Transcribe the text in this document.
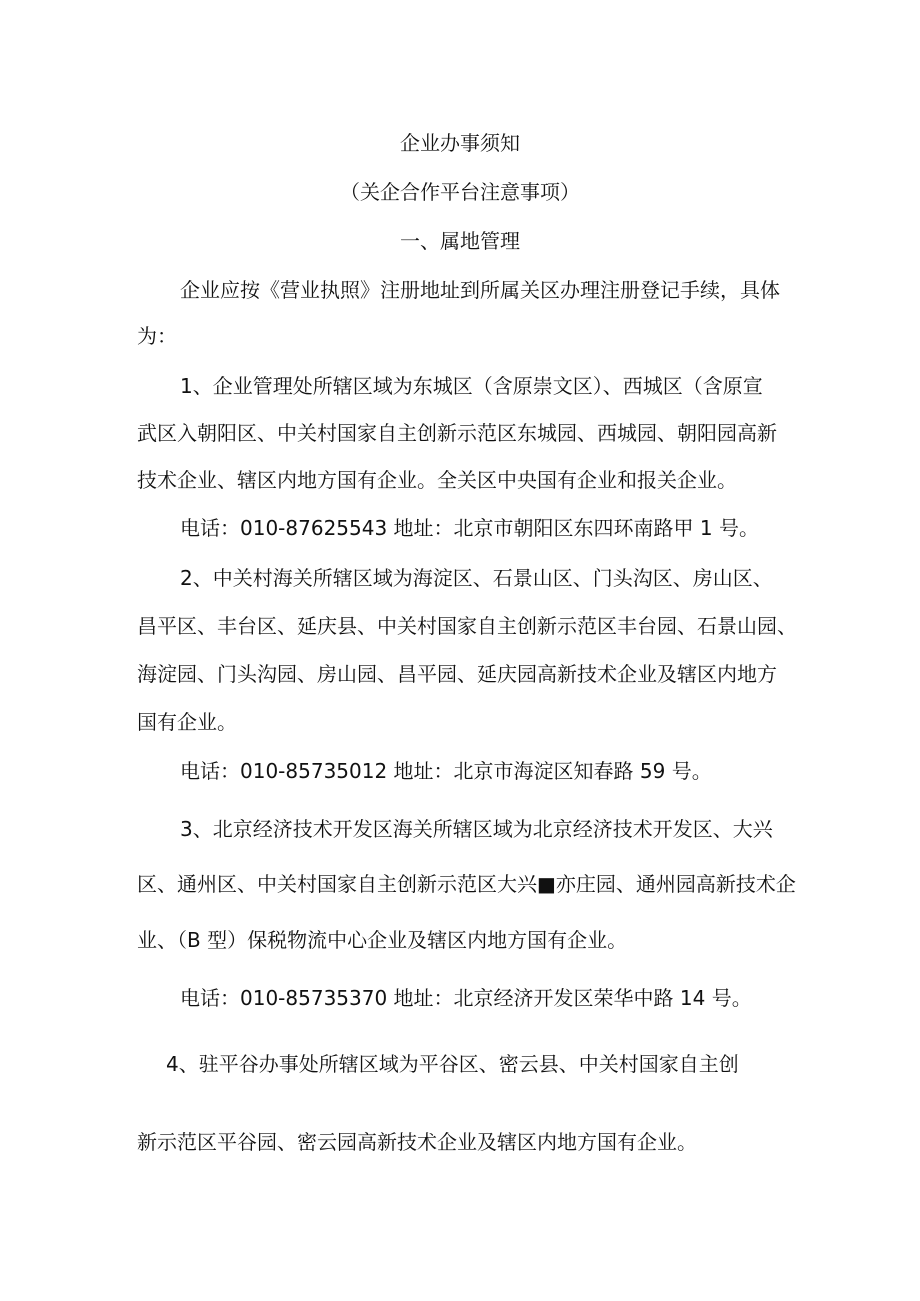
企业办事须知
（关企合作平台注意事项）
一、属地管理
企业应按《营业执照》注册地址到所属关区办理注册登记手续，具体
为：
1、企业管理处所辖区域为东城区（含原崇文区）、西城区（含原宣
武区入朝阳区、中关村国家自主创新示范区东城园、西城园、朝阳园高新
技术企业、辖区内地方国有企业。全关区中央国有企业和报关企业。
电话：010-87625543 地址：北京市朝阳区东四环南路甲 1 号。
2、中关村海关所辖区域为海淀区、石景山区、门头沟区、房山区、
昌平区、丰台区、延庆县、中关村国家自主创新示范区丰台园、石景山园、
海淀园、门头沟园、房山园、昌平园、延庆园高新技术企业及辖区内地方
国有企业。
电话：010-85735012 地址：北京市海淀区知春路 59 号。
3、北京经济技术开发区海关所辖区域为北京经济技术开发区、大兴
区、通州区、中关村国家自主创新示范区大兴■亦庄园、通州园高新技术企
业、（B 型）保税物流中心企业及辖区内地方国有企业。
电话：010-85735370 地址：北京经济开发区荣华中路 14 号。
4、驻平谷办事处所辖区域为平谷区、密云县、中关村国家自主创
新示范区平谷园、密云园高新技术企业及辖区内地方国有企业。
